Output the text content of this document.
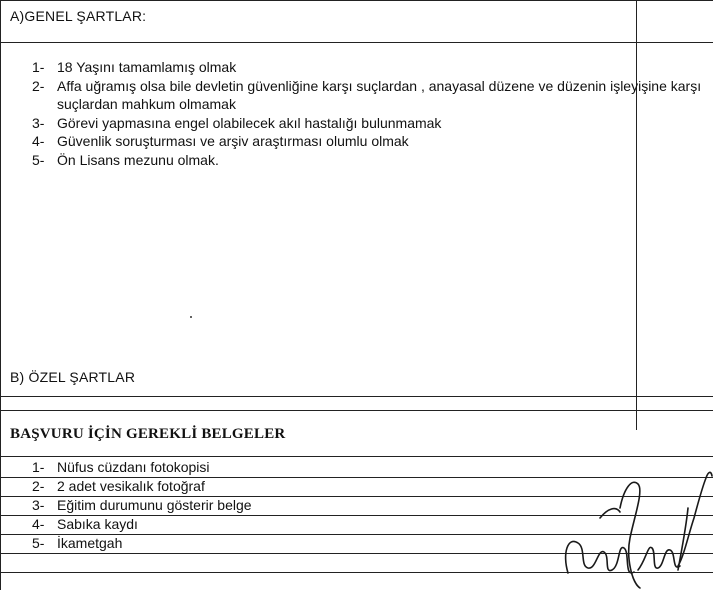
A)GENEL ŞARTLAR:
1- 18 Yaşını tamamlamış olmak
2- Affa uğramış olsa bile devletin güvenliğine karşı suçlardan , anayasal düzene ve düzenin işleyişine karşı suçlardan mahkum olmamak
3- Görevi yapmasına engel olabilecek akıl hastalığı bulunmamak
4- Güvenlik soruşturması ve arşiv araştırması olumlu olmak
5- Ön Lisans mezunu olmak.
B) ÖZEL ŞARTLAR
BAŞVURU İÇİN GEREKLİ BELGELER
1- Nüfus cüzdanı fotokopisi
2- 2 adet vesikalık fotoğraf
3- Eğitim durumunu gösterir belge
4- Sabıka kaydı
5- İkametgah
